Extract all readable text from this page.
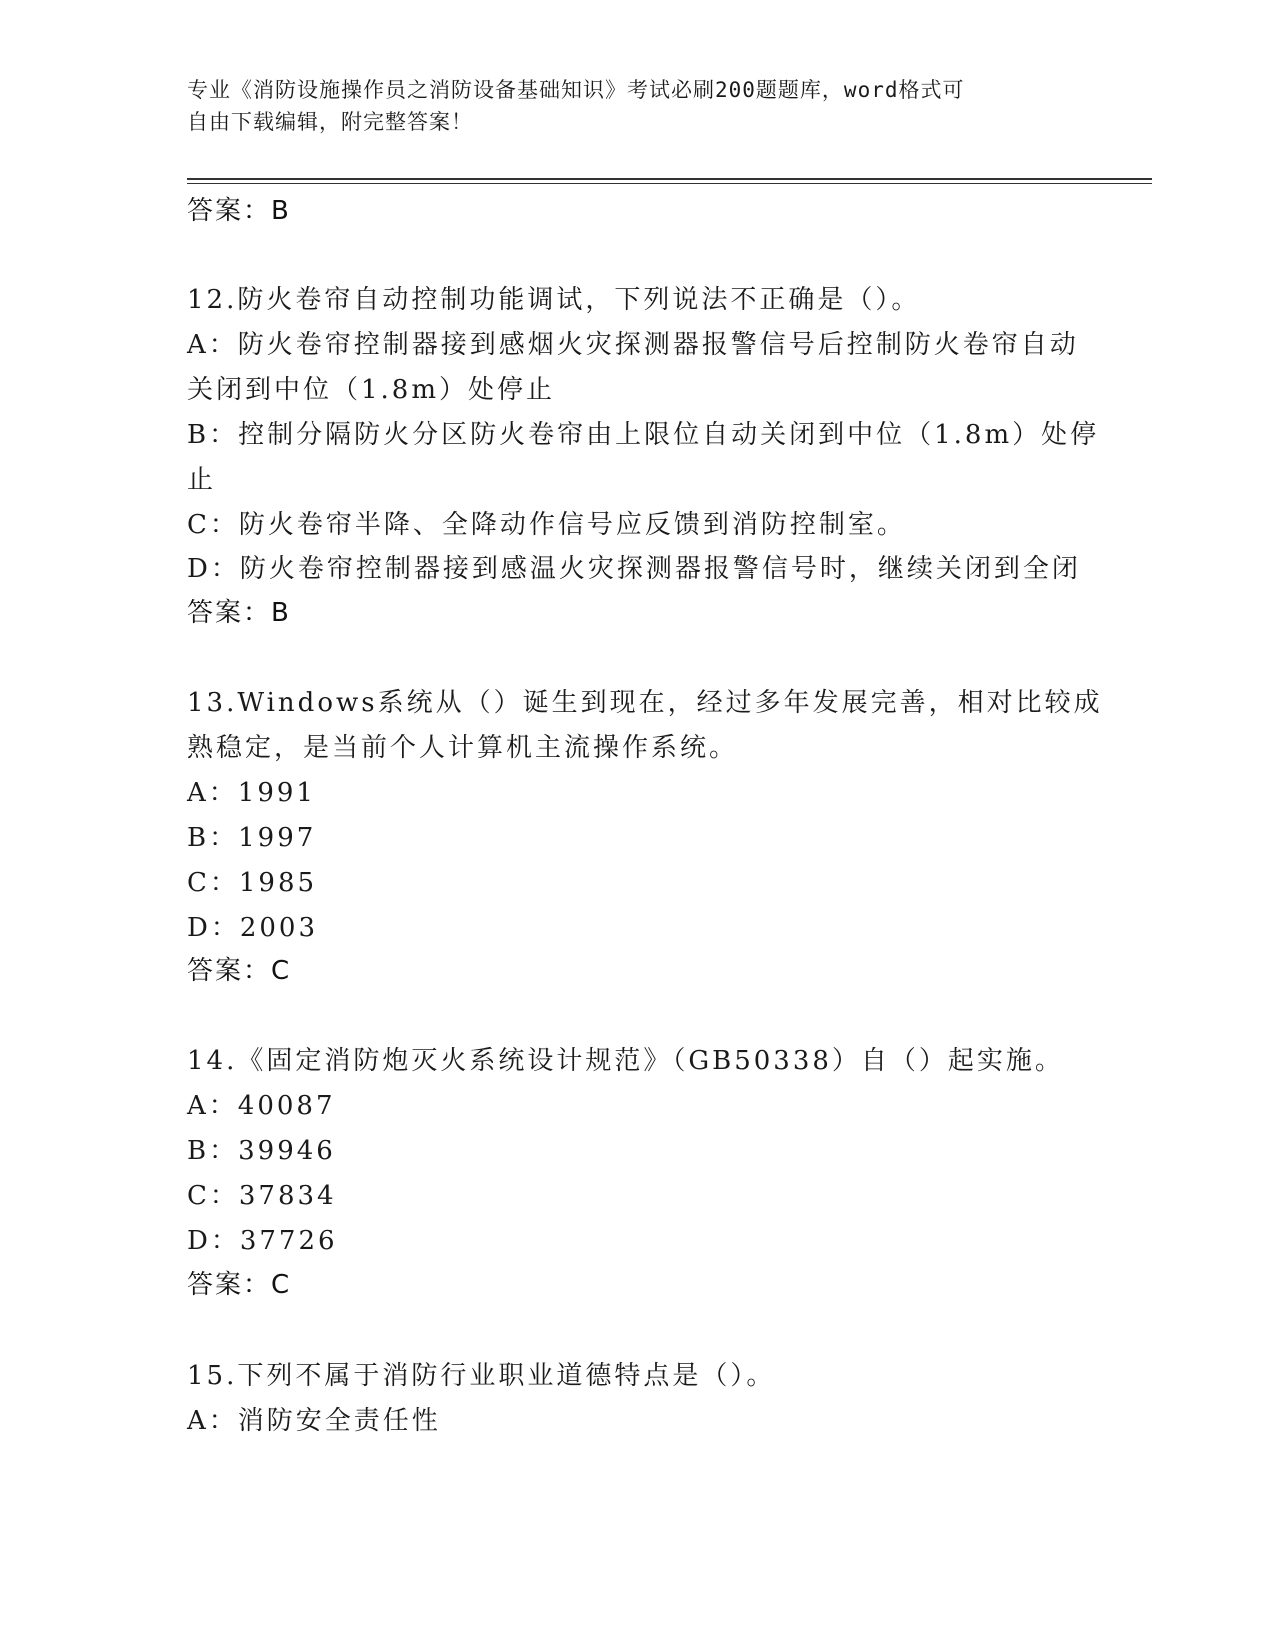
专业《消防设施操作员之消防设备基础知识》考试必刷200题题库，word格式可
自由下载编辑，附完整答案！
答案：B
12.防火卷帘自动控制功能调试，下列说法不正确是（）。
A：防火卷帘控制器接到感烟火灾探测器报警信号后控制防火卷帘自动
关闭到中位（1.8m）处停止
B：控制分隔防火分区防火卷帘由上限位自动关闭到中位（1.8m）处停
止
C：防火卷帘半降、全降动作信号应反馈到消防控制室。
D：防火卷帘控制器接到感温火灾探测器报警信号时，继续关闭到全闭
答案：B
13.Windows系统从（）诞生到现在，经过多年发展完善，相对比较成
熟稳定，是当前个人计算机主流操作系统。
A：1991
B：1997
C：1985
D：2003
答案：C
14.《固定消防炮灭火系统设计规范》（GB50338）自（）起实施。
A：40087
B：39946
C：37834
D：37726
答案：C
15.下列不属于消防行业职业道德特点是（）。
A：消防安全责任性
